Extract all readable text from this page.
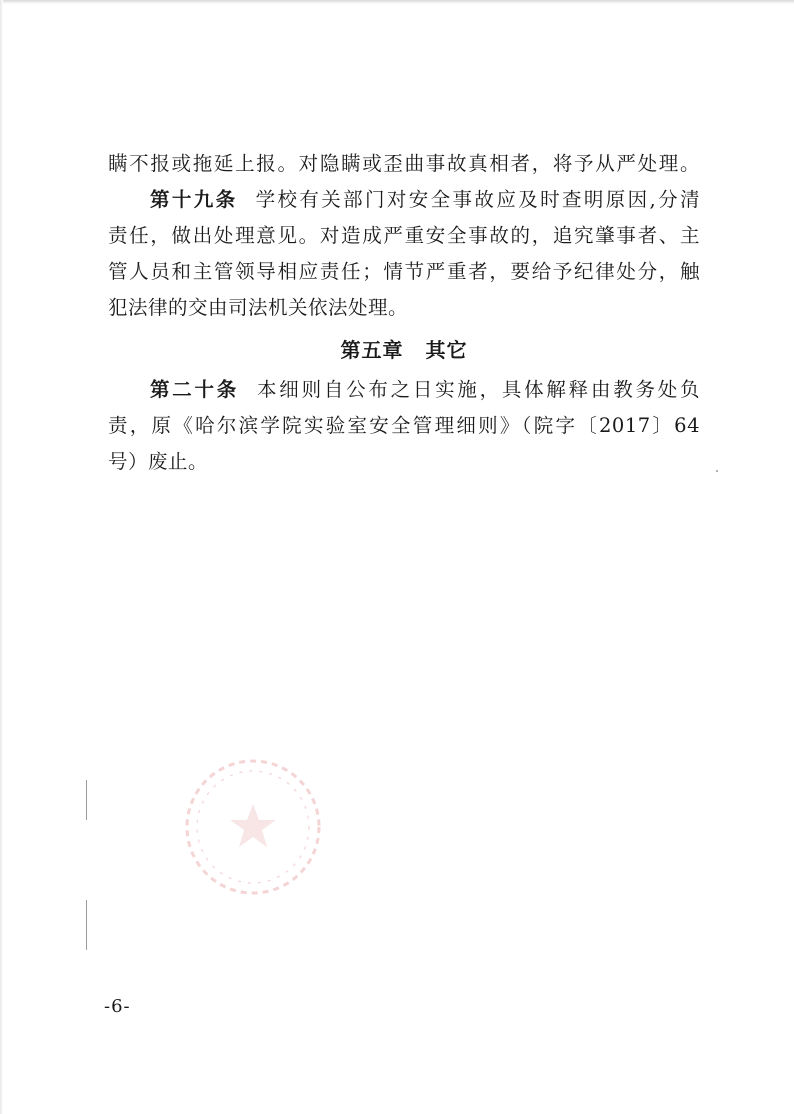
瞒不报或拖延上报。对隐瞒或歪曲事故真相者，将予从严处理。
第十九条 学校有关部门对安全事故应及时查明原因,分清
责任，做出处理意见。对造成严重安全事故的，追究肇事者、主
管人员和主管领导相应责任；情节严重者，要给予纪律处分，触
犯法律的交由司法机关依法处理。
第五章 其它
第二十条 本细则自公布之日实施，具体解释由教务处负
责，原《哈尔滨学院实验室安全管理细则》（院字〔2017〕64
号）废止。
-6-
